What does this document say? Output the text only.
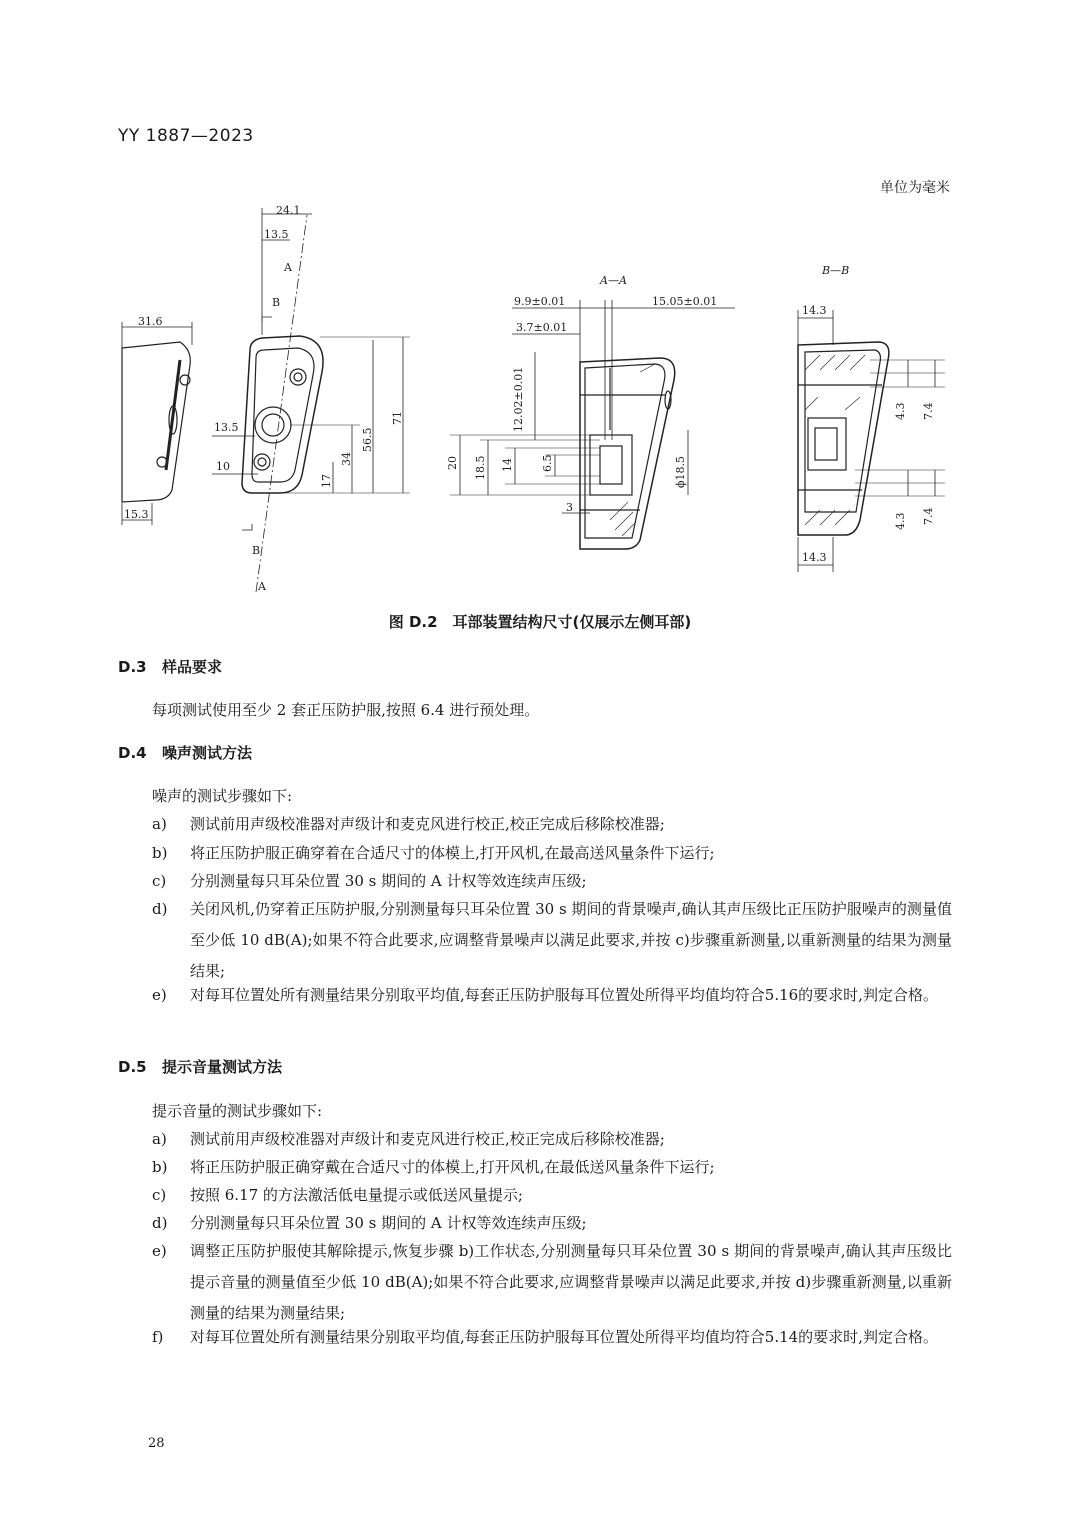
YY 1887—2023
单位为毫米
24.1
13.5
A
B
B
A
31.6
15.3
13.5
10
17
34
56.5
71
A—A
9.9±0.01	15.05±0.01
3.7±0.01
12.02±0.01
20 18.5 14 6.5	ϕ18.5
3
B—B
14.3
14.3
4.3 7.4
4.3 7.4
图 D.2　耳部装置结构尺寸(仅展示左侧耳部)
D.3 样品要求
每项测试使用至少 2 套正压防护服,按照 6.4 进行预处理。
D.4 噪声测试方法
噪声的测试步骤如下:
a)	测试前用声级校准器对声级计和麦克风进行校正,校正完成后移除校准器;
b)	将正压防护服正确穿着在合适尺寸的体模上,打开风机,在最高送风量条件下运行;
c)	分别测量每只耳朵位置 30 s 期间的 A 计权等效连续声压级;
d)	关闭风机,仍穿着正压防护服,分别测量每只耳朵位置 30 s 期间的背景噪声,确认其声压级比正压防护服噪声的测量值至少低 10 dB(A);如果不符合此要求,应调整背景噪声以满足此要求,并按 c)步骤重新测量,以重新测量的结果为测量结果;
e)	对每耳位置处所有测量结果分别取平均值,每套正压防护服每耳位置处所得平均值均符合5.16的要求时,判定合格。
D.5 提示音量测试方法
提示音量的测试步骤如下:
a)	测试前用声级校准器对声级计和麦克风进行校正,校正完成后移除校准器;
b)	将正压防护服正确穿戴在合适尺寸的体模上,打开风机,在最低送风量条件下运行;
c)	按照 6.17 的方法激活低电量提示或低送风量提示;
d)	分别测量每只耳朵位置 30 s 期间的 A 计权等效连续声压级;
e)	调整正压防护服使其解除提示,恢复步骤 b)工作状态,分别测量每只耳朵位置 30 s 期间的背景噪声,确认其声压级比提示音量的测量值至少低 10 dB(A);如果不符合此要求,应调整背景噪声以满足此要求,并按 d)步骤重新测量,以重新测量的结果为测量结果;
f)	对每耳位置处所有测量结果分别取平均值,每套正压防护服每耳位置处所得平均值均符合5.14的要求时,判定合格。
28
